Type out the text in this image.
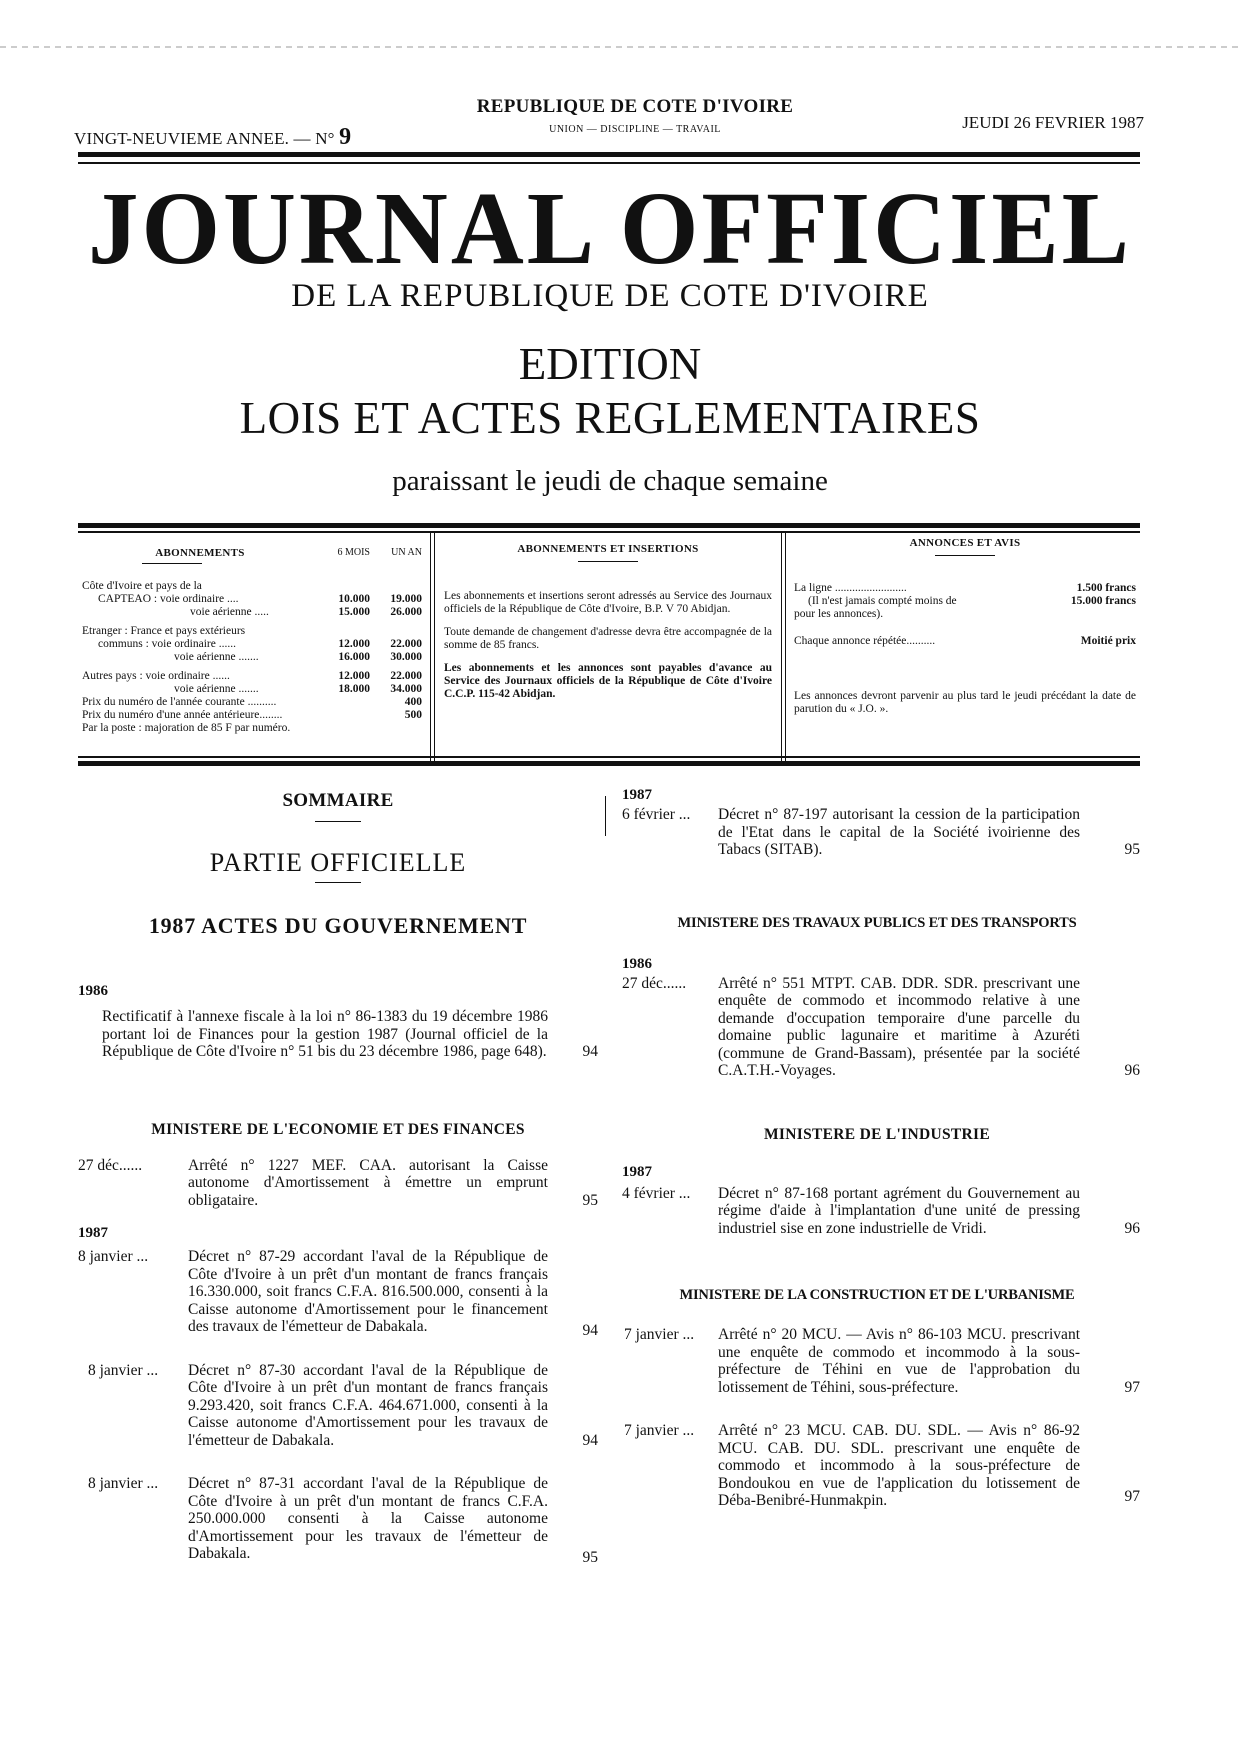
VINGT-NEUVIEME ANNEE. — N° 9
REPUBLIQUE DE COTE D'IVOIRE
UNION — DISCIPLINE — TRAVAIL	JEUDI 26 FEVRIER 1987
JOURNAL OFFICIEL
DE LA REPUBLIQUE DE COTE D'IVOIRE
EDITION
LOIS ET ACTES REGLEMENTAIRES
paraissant le jeudi de chaque semaine
ABONNEMENTS	6 MOIS	UN AN
Côte d'Ivoire et pays de la
CAPTEAO : voie ordinaire ....	10.000	19.000
voie aérienne .....	15.000	26.000
Etranger : France et pays extérieurs
communs : voie ordinaire ......	12.000	22.000
voie aérienne .......	16.000	30.000
Autres pays : voie ordinaire ......	12.000	22.000
voie aérienne .......	18.000	34.000
Prix du numéro de l'année courante ..........	400
Prix du numéro d'une année antérieure........	500
Par la poste : majoration de 85 F par numéro.
ABONNEMENTS ET INSERTIONS
Les abonnements et insertions seront adressés au Service des Journaux officiels de la République de Côte d'Ivoire, B.P. V 70 Abidjan.
Toute demande de changement d'adresse devra être accompagnée de la somme de 85 francs.
Les abonnements et les annonces sont payables d'avance au Service des Journaux officiels de la République de Côte d'Ivoire C.C.P. 115-42 Abidjan.
ANNONCES ET AVIS
La ligne .........................	1.500 francs
(Il n'est jamais compté moins de	15.000 francs
pour les annonces).
Chaque annonce répétée..........	Moitié prix
Les annonces devront parvenir au plus tard le jeudi précédant la date de parution du « J.O. ».
SOMMAIRE
PARTIE OFFICIELLE
1987 ACTES DU GOUVERNEMENT
1986
Rectificatif à l'annexe fiscale à la loi n° 86-1383 du 19 décembre 1986 portant loi de Finances pour la gestion 1987 (Journal officiel de la République de Côte d'Ivoire n° 51 bis du 23 décembre 1986, page 648). 94
MINISTERE DE L'ECONOMIE ET DES FINANCES
27 déc......	Arrêté n° 1227 MEF. CAA. autorisant la Caisse autonome d'Amortissement à émettre un emprunt obligataire.	95
1987
8 janvier ...	Décret n° 87-29 accordant l'aval de la République de Côte d'Ivoire à un prêt d'un montant de francs français 16.330.000, soit francs C.F.A. 816.500.000, consenti à la Caisse autonome d'Amortissement pour le financement des travaux de l'émetteur de Dabakala.	94
8 janvier ... Décret n° 87-30 accordant l'aval de la République de Côte d'Ivoire à un prêt d'un montant de francs français 9.293.420, soit francs C.F.A. 464.671.000, consenti à la Caisse autonome d'Amortissement pour les travaux de l'émetteur de Dabakala.	94
8 janvier ... Décret n° 87-31 accordant l'aval de la République de Côte d'Ivoire à un prêt d'un montant de francs C.F.A. 250.000.000 consenti à la Caisse autonome d'Amortissement pour les travaux de l'émetteur de Dabakala.	95
1987
6 février ... Décret n° 87-197 autorisant la cession de la participation de l'Etat dans le capital de la Société ivoirienne des Tabacs (SITAB).	95
MINISTERE DES TRAVAUX PUBLICS ET DES TRANSPORTS
1986
27 déc...... Arrêté n° 551 MTPT. CAB. DDR. SDR. prescrivant une enquête de commodo et incommodo relative à une demande d'occupation temporaire d'une parcelle du domaine public lagunaire et maritime à Azuréti (commune de Grand-Bassam), présentée par la société C.A.T.H.-Voyages.	96
MINISTERE DE L'INDUSTRIE
1987
4 février ... Décret n° 87-168 portant agrément du Gouvernement au régime d'aide à l'implantation d'une unité de pressing industriel sise en zone industrielle de Vridi.	96
MINISTERE DE LA CONSTRUCTION ET DE L'URBANISME
7 janvier ... Arrêté n° 20 MCU. — Avis n° 86-103 MCU. prescrivant une enquête de commodo et incommodo à la sous-préfecture de Téhini en vue de l'approbation du lotissement de Téhini, sous-préfecture.	97
7 janvier ... Arrêté n° 23 MCU. CAB. DU. SDL. — Avis n° 86-92 MCU. CAB. DU. SDL. prescrivant une enquête de commodo et incommodo à la sous-préfecture de Bondoukou en vue de l'application du lotissement de Déba-Benibré-Hunmakpin.	97
